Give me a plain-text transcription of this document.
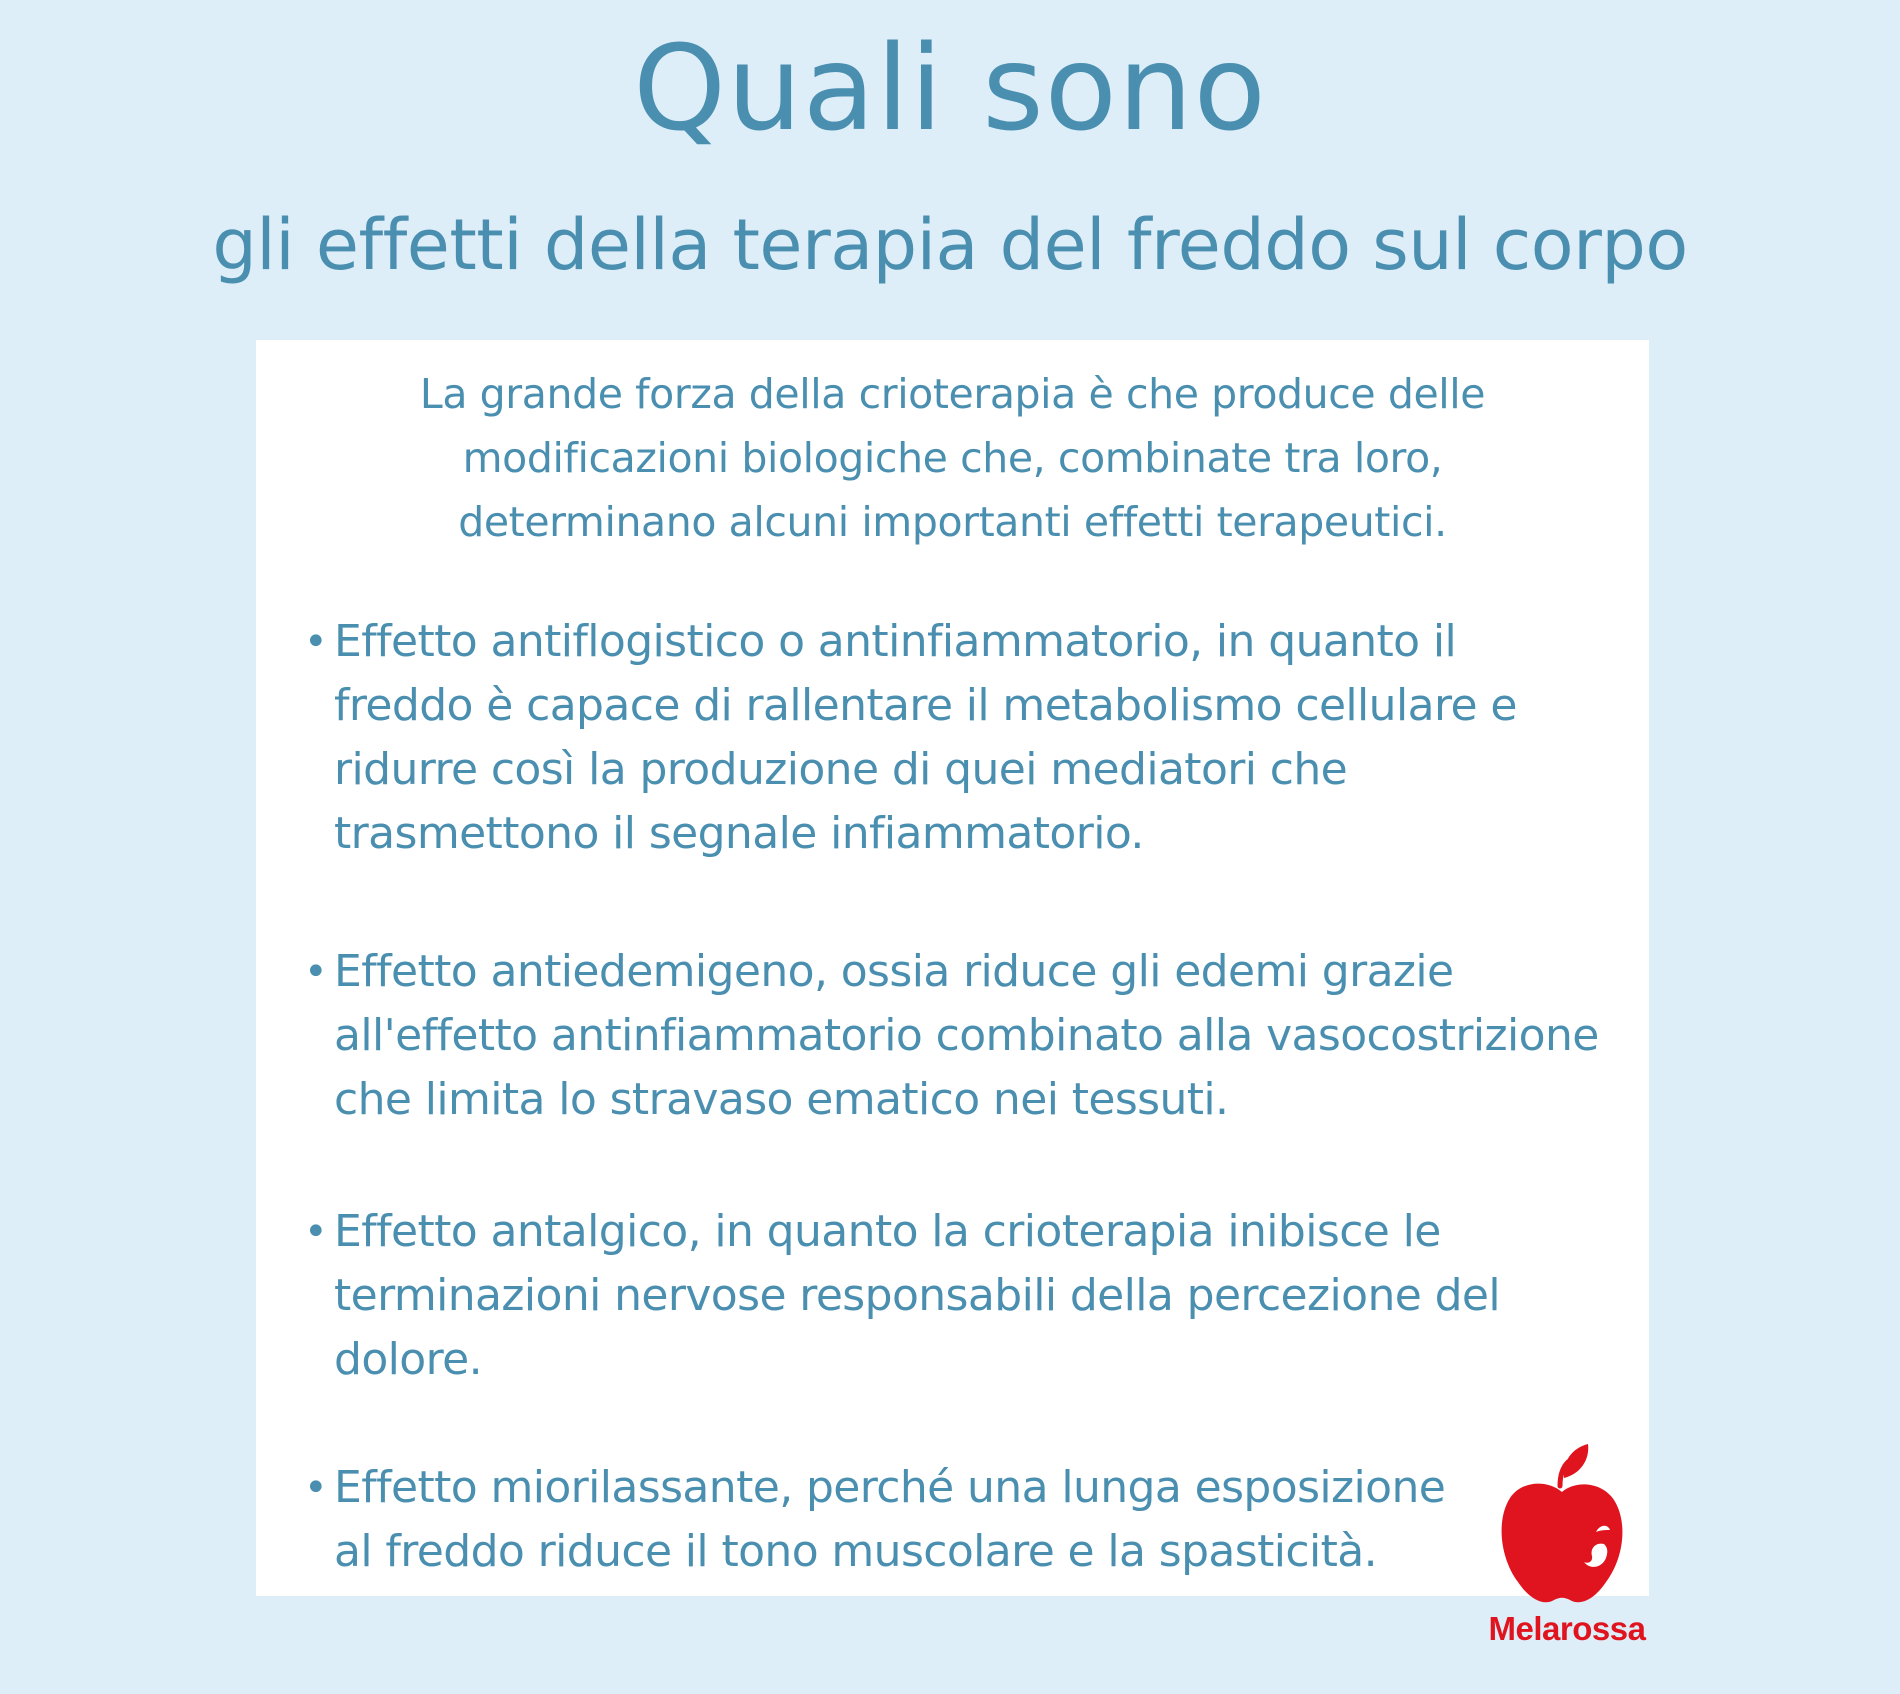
Quali sono
gli effetti della terapia del freddo sul corpo

La grande forza della crioterapia è che produce delle
modificazioni biologiche che, combinate tra loro,
determinano alcuni importanti effetti terapeutici.

• Effetto antiflogistico o antinfiammatorio, in quanto il
freddo è capace di rallentare il metabolismo cellulare e
ridurre così la produzione di quei mediatori che
trasmettono il segnale infiammatorio.
• Effetto antiedemigeno, ossia riduce gli edemi grazie
all'effetto antinfiammatorio combinato alla vasocostrizione
che limita lo stravaso ematico nei tessuti.
• Effetto antalgico, in quanto la crioterapia inibisce le
terminazioni nervose responsabili della percezione del
dolore.
• Effetto miorilassante, perché una lunga esposizione
al freddo riduce il tono muscolare e la spasticità.
Melarossa
